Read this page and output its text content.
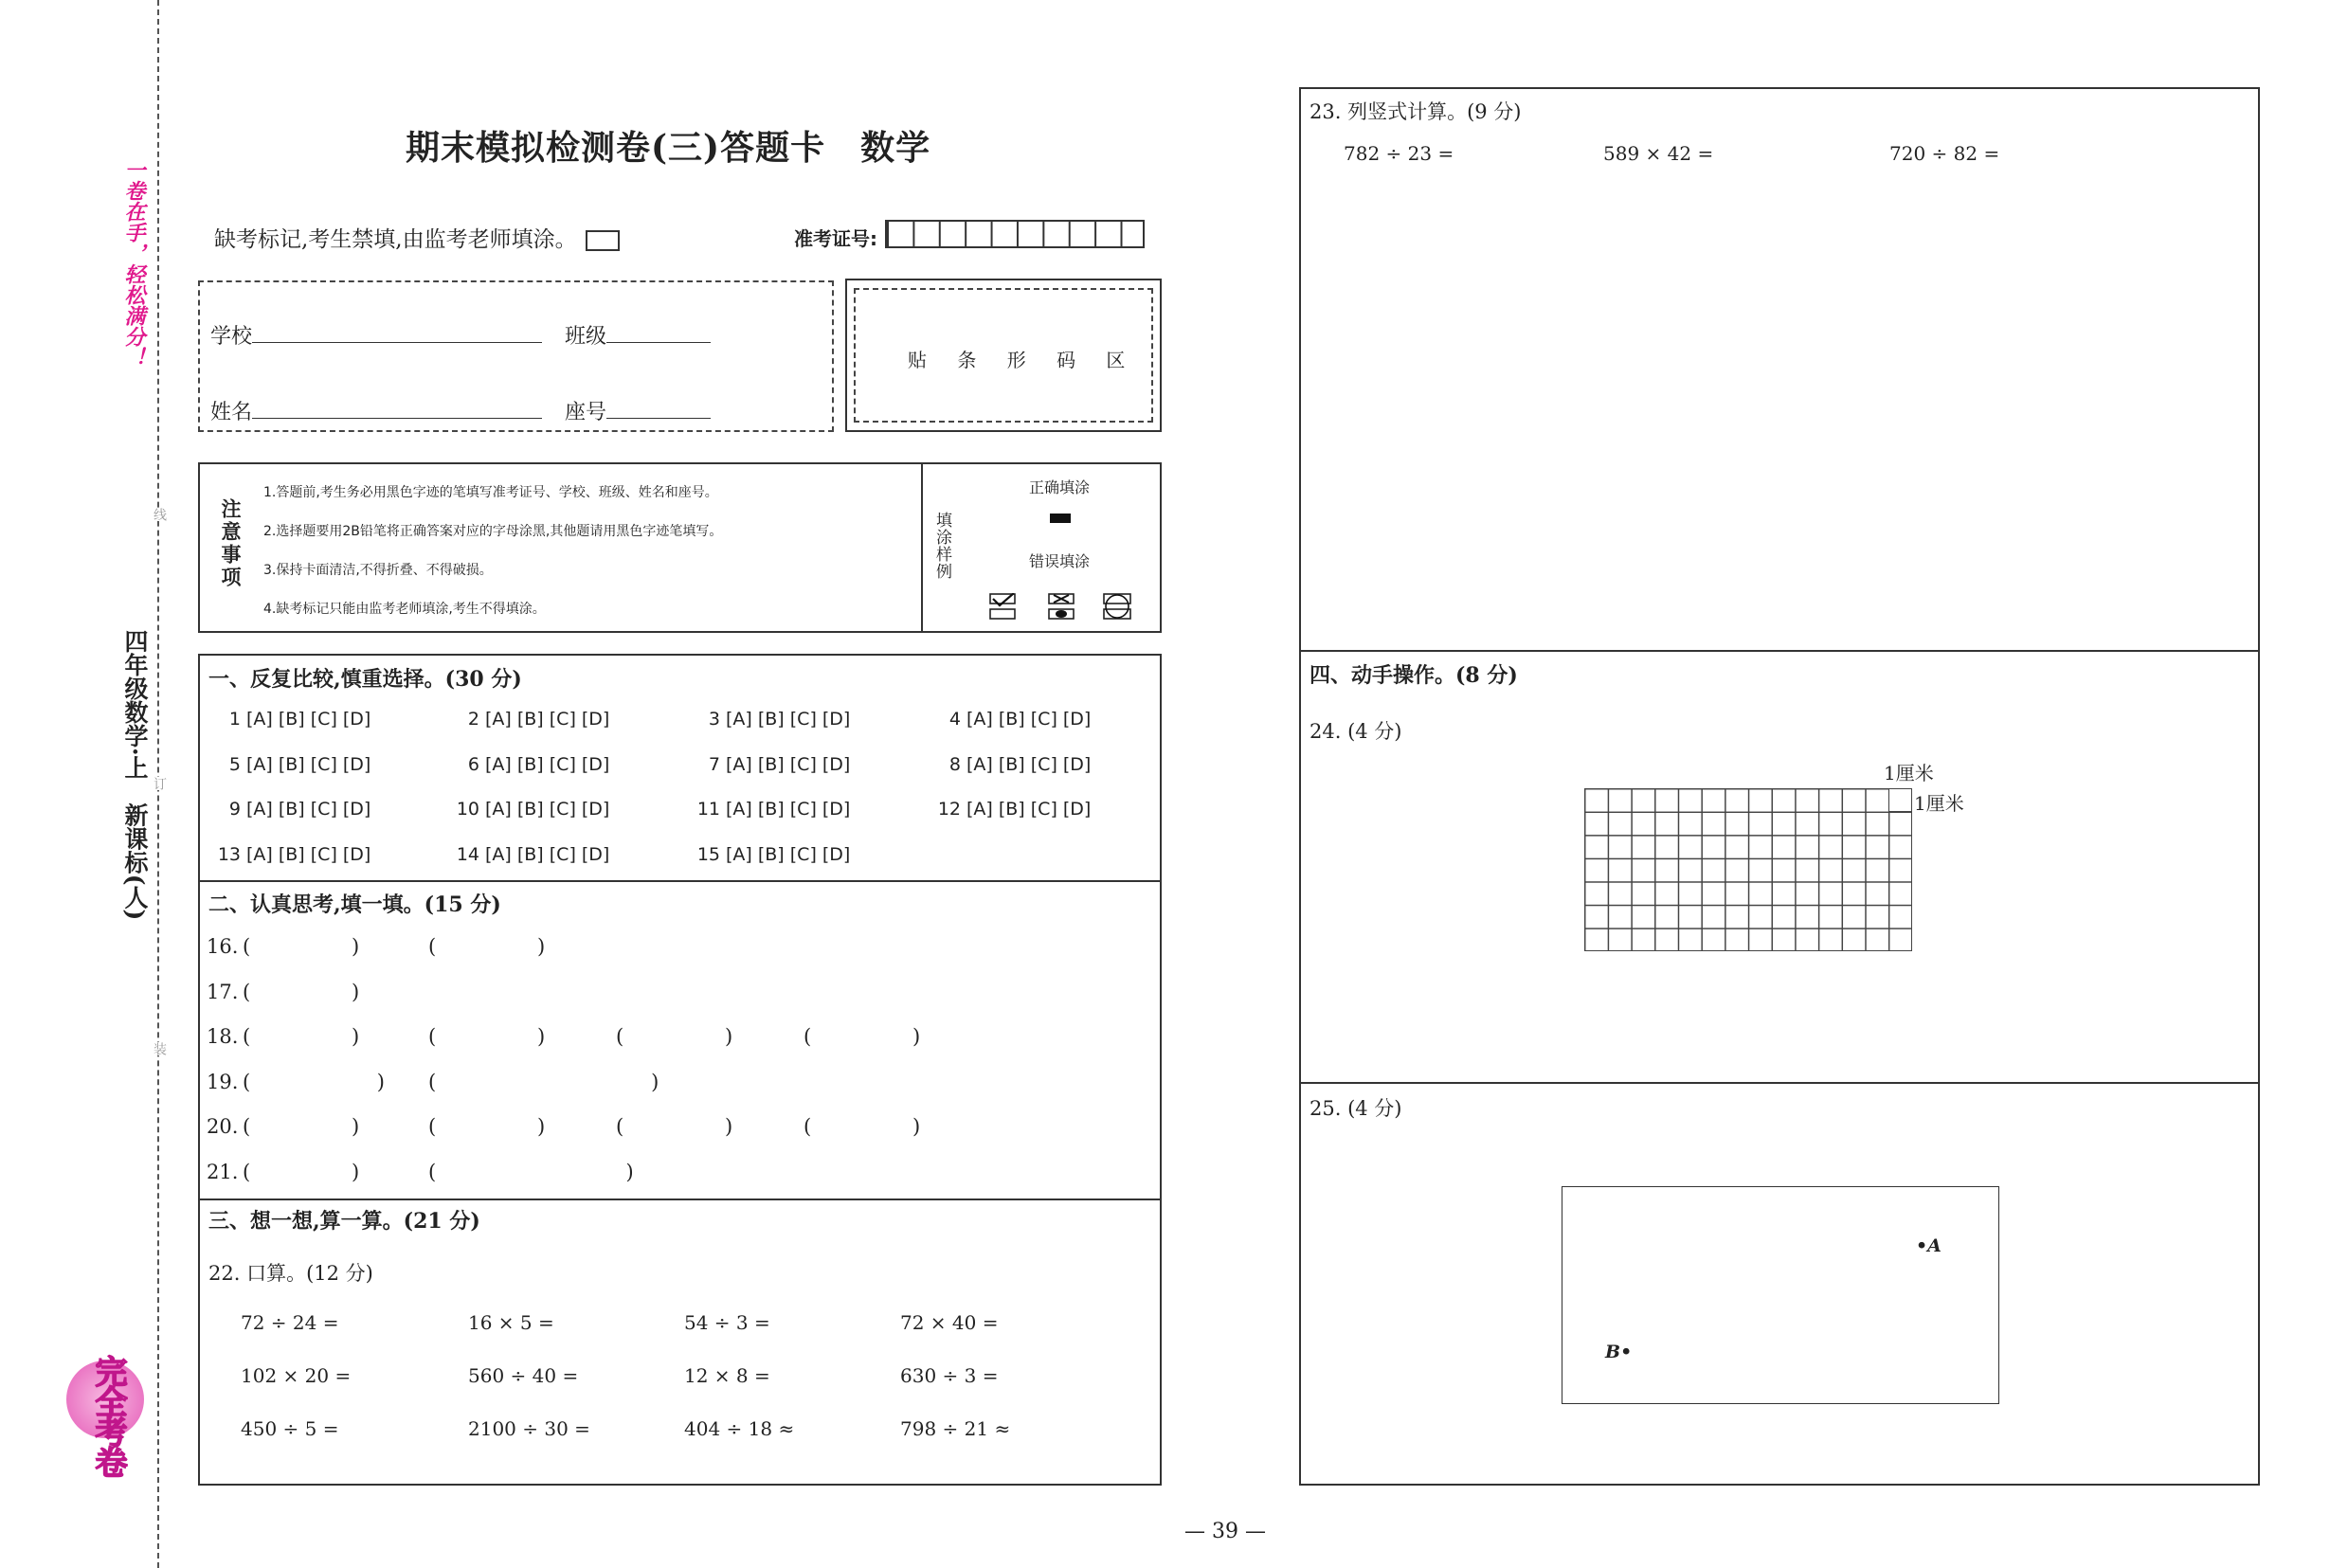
一卷在手，轻松满分！
四年级数学·上　新课标(人)
线
订
装
完全考卷
期末模拟检测卷(三)答题卡　数学
缺考标记,考生禁填,由监考老师填涂。	准考证号:
学校	班级
姓名	座号
贴 条 形 码 区
注意事项
1.答题前,考生务必用黑色字迹的笔填写准考证号、学校、班级、姓名和座号。
2.选择题要用2B铅笔将正确答案对应的字母涂黑,其他题请用黑色字迹笔填写。
3.保持卡面清洁,不得折叠、不得破损。
4.缺考标记只能由监考老师填涂,考生不得填涂。
填涂样例
正确填涂
错误填涂
一、反复比较,慎重选择。(30 分)
1 [A] [B] [C] [D]	2 [A] [B] [C] [D]	3 [A] [B] [C] [D]	4 [A] [B] [C] [D]
5 [A] [B] [C] [D]	6 [A] [B] [C] [D]	7 [A] [B] [C] [D]	8 [A] [B] [C] [D]
9 [A] [B] [C] [D]	10 [A] [B] [C] [D]	11 [A] [B] [C] [D]	12 [A] [B] [C] [D]
13 [A] [B] [C] [D]	14 [A] [B] [C] [D]	15 [A] [B] [C] [D]
二、认真思考,填一填。(15 分)
16. (                )	(                )
17. (                )
18. (                )	(                )	(                )	(                )
19. (                    ) (                                  )
20. (                )	(                )	(                )	(                )
21. (                )	(                              )
三、想一想,算一算。(21 分)
22. 口算。(12 分)
72 ÷ 24 =	16 × 5 =	54 ÷ 3 =	72 × 40 =
102 × 20 =	560 ÷ 40 =	12 × 8 =	630 ÷ 3 =
450 ÷ 5 =	2100 ÷ 30 =	404 ÷ 18 ≈	798 ÷ 21 ≈
23. 列竖式计算。(9 分)
782 ÷ 23 =	589 × 42 =	720 ÷ 82 =
四、动手操作。(8 分)
24. (4 分)
1厘米
1厘米
25. (4 分)
•A
B•
— 39 —
